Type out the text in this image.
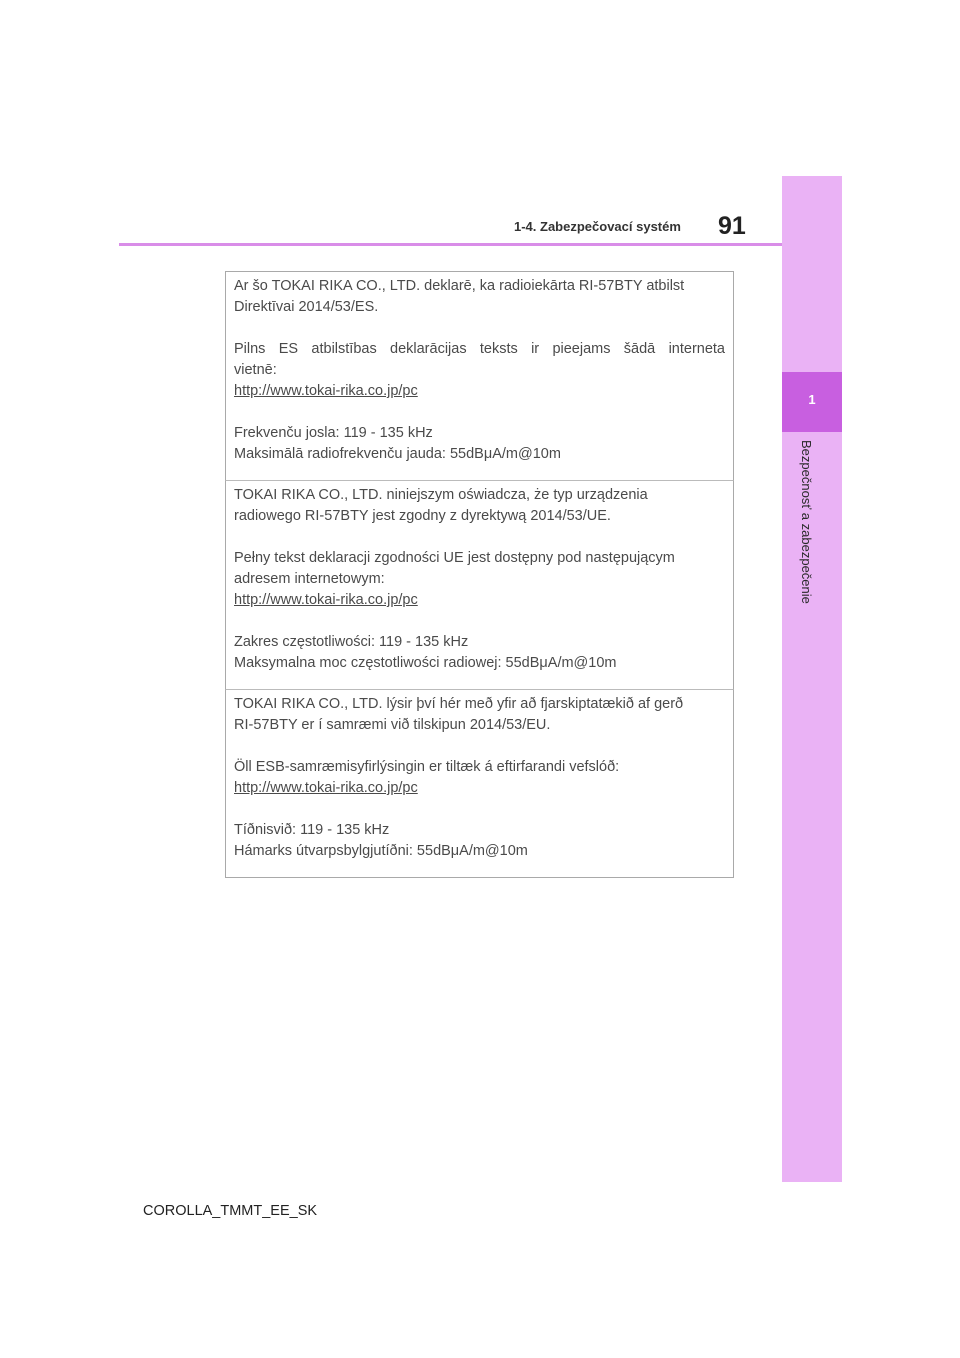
1
Bezpečnosť a zabezpečenie
1-4. Zabezpečovací systém 91

Ar šo TOKAI RIKA CO., LTD. deklarē, ka radioiekārta RI-57BTY atbilst

Direktīvai 2014/53/ES.

Pilns ES atbilstības deklarācijas teksts ir pieejams šādā interneta

vietnē:

http://www.tokai-rika.co.jp/pc

Frekvenču josla: 119 - 135 kHz

Maksimālā radiofrekvenču jauda: 55dBμA/m@10m

TOKAI RIKA CO., LTD. niniejszym oświadcza, że typ urządzenia

radiowego RI-57BTY jest zgodny z dyrektywą 2014/53/UE.

Pełny tekst deklaracji zgodności UE jest dostępny pod następującym

adresem internetowym:

http://www.tokai-rika.co.jp/pc

Zakres częstotliwości: 119 - 135 kHz

Maksymalna moc częstotliwości radiowej: 55dBμA/m@10m

TOKAI RIKA CO., LTD. lýsir því hér með yfir að fjarskiptatækið af gerð

RI-57BTY er í samræmi við tilskipun 2014/53/EU.

Öll ESB-samræmisyfirlýsingin er tiltæk á eftirfarandi vefslóð:

http://www.tokai-rika.co.jp/pc

Tíðnisvið: 119 - 135 kHz

Hámarks útvarpsbylgjutíðni: 55dBμA/m@10m

COROLLA_TMMT_EE_SK
